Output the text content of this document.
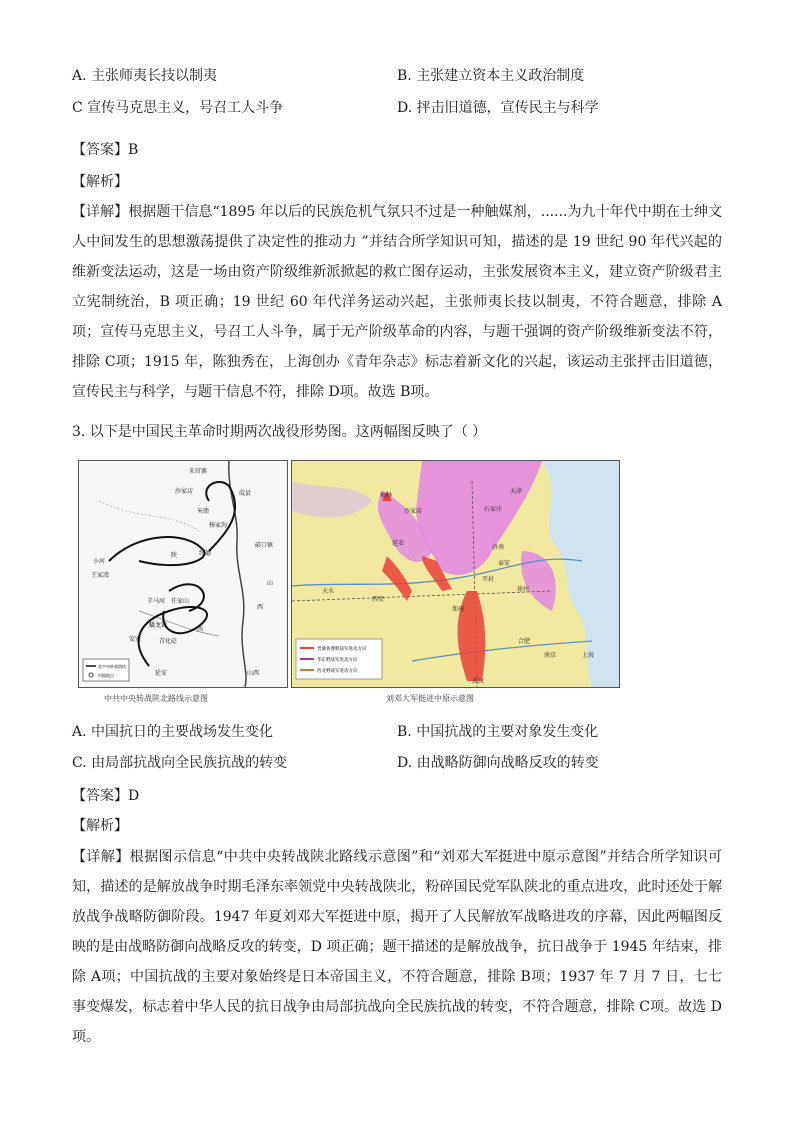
A. 主张师夷长技以制夷	B. 主张建立资本主义政治制度
C 宣传马克思主义，号召工人斗争	D. 抨击旧道德，宣传民主与科学
【答案】B
【解析】
【详解】根据题干信息“1895 年以后的民族危机气氛只不过是一种触媒剂，......为九十年代中期在士绅文人中间发生的思想激荡提供了决定性的推动力 ”并结合所学知识可知，描述的是 19 世纪 90 年代兴起的维新变法运动，这是一场由资产阶级维新派掀起的救亡图存运动，主张发展资本主义，建立资产阶级君主立宪制统治，B 项正确；19 世纪 60 年代洋务运动兴起，主张师夷长技以制夷，不符合题意，排除 A项；宣传马克思主义，号召工人斗争，属于无产阶级革命的内容，与题干强调的资产阶级维新变法不符，排除 C项；1915 年，陈独秀在，上海创办《青年杂志》标志着新文化的兴起，该运动主张抨击旧道德，宣传民主与科学，与题干信息不符，排除 D项。故选 B项。
3. 以下是中国民主革命时期两次战役形势图。这两幅图反映了（ ）
党中央转战路线
村镇地点
朱官寨
沙家店	葭县
米脂
杨家沟
绥德
碛口镇
小河
王家湾
陕
羊马河 任家山
蟠龙镇
安塞	青化砭
延安
西
山
西
山西
晋冀鲁豫野战军进攻方向
华东野战军进攻方向
西北野战军进攻方向
榆林
沙家店	石家庄
天津
济南
泰安
延安
天水
西安
郑州
开封
徐州
合肥
南京	上海
武汉
中共中央转战陕北路线示意图	刘邓大军挺进中原示意图
A. 中国抗日的主要战场发生变化	B. 中国抗战的主要对象发生变化
C. 由局部抗战向全民族抗战的转变	D. 由战略防御向战略反攻的转变
【答案】D
【解析】
【详解】根据图示信息“中共中央转战陕北路线示意图”和“刘邓大军挺进中原示意图”并结合所学知识可知，描述的是解放战争时期毛泽东率领党中央转战陕北，粉碎国民党军队陕北的重点进攻，此时还处于解放战争战略防御阶段。1947 年夏刘邓大军挺进中原，揭开了人民解放军战略进攻的序幕，因此两幅图反映的是由战略防御向战略反攻的转变，D 项正确；题干描述的是解放战争，抗日战争于 1945 年结束，排除 A项；中国抗战的主要对象始终是日本帝国主义，不符合题意，排除 B项；1937 年 7 月 7 日，七七事变爆发，标志着中华人民的抗日战争由局部抗战向全民族抗战的转变，不符合题意，排除 C项。故选 D项。
